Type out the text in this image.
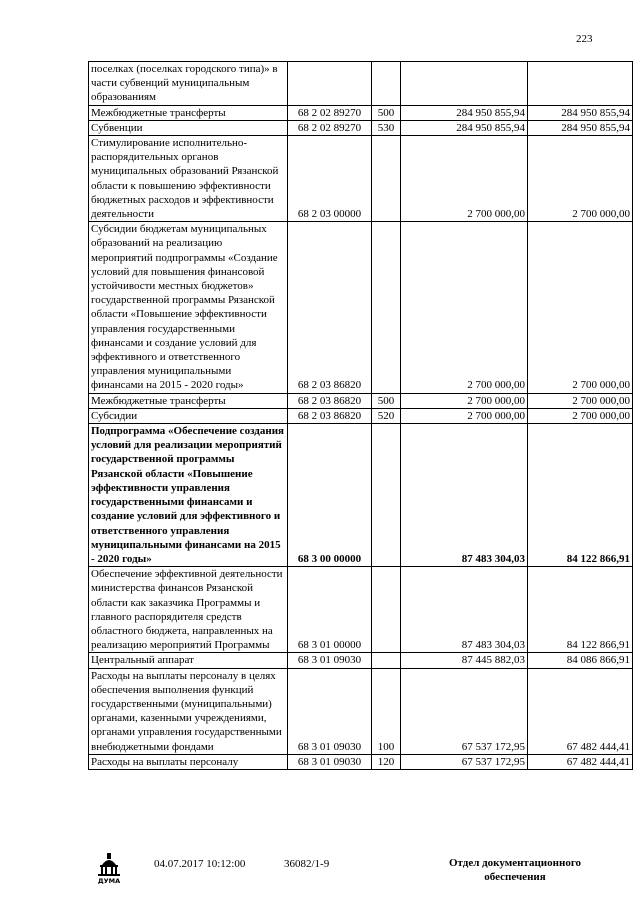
223
поселках (поселках городского типа)» в части субвенций муниципальным образованиям				
Межбюджетные трансферты	68 2 02 89270	500	284 950 855,94	284 950 855,94
Субвенции	68 2 02 89270	530	284 950 855,94	284 950 855,94
Стимулирование исполнительно-распорядительных органов муниципальных образований Рязанской области к повышению эффективности бюджетных расходов и эффективности деятельности	68 2 03 00000		2 700 000,00	2 700 000,00
Субсидии бюджетам муниципальных образований на реализацию мероприятий подпрограммы «Создание условий для повышения финансовой устойчивости местных бюджетов» государственной программы Рязанской области «Повышение эффективности управления государственными финансами и создание условий для эффективного и ответственного управления муниципальными финансами на 2015 - 2020 годы»	68 2 03 86820		2 700 000,00	2 700 000,00
Межбюджетные трансферты	68 2 03 86820	500	2 700 000,00	2 700 000,00
Субсидии	68 2 03 86820	520	2 700 000,00	2 700 000,00
Подпрограмма «Обеспечение создания условий для реализации мероприятий государственной программы Рязанской области «Повышение эффективности управления государственными финансами и создание условий для эффективного и ответственного управления муниципальными финансами на 2015 - 2020 годы»	68 3 00 00000		87 483 304,03	84 122 866,91
Обеспечение эффективной деятельности министерства финансов Рязанской области как заказчика Программы и главного распорядителя средств областного бюджета, направленных на реализацию мероприятий Программы	68 3 01 00000		87 483 304,03	84 122 866,91
Центральный аппарат	68 3 01 09030		87 445 882,03	84 086 866,91
Расходы на выплаты персоналу в целях обеспечения выполнения функций государственными (муниципальными) органами, казенными учреждениями, органами управления государственными внебюджетными фондами	68 3 01 09030	100	67 537 172,95	67 482 444,41
Расходы на выплаты персоналу	68 3 01 09030	120	67 537 172,95	67 482 444,41
ДУМА
04.07.2017 10:12:00	36082/1-9	Отдел документационного
обеспечения
